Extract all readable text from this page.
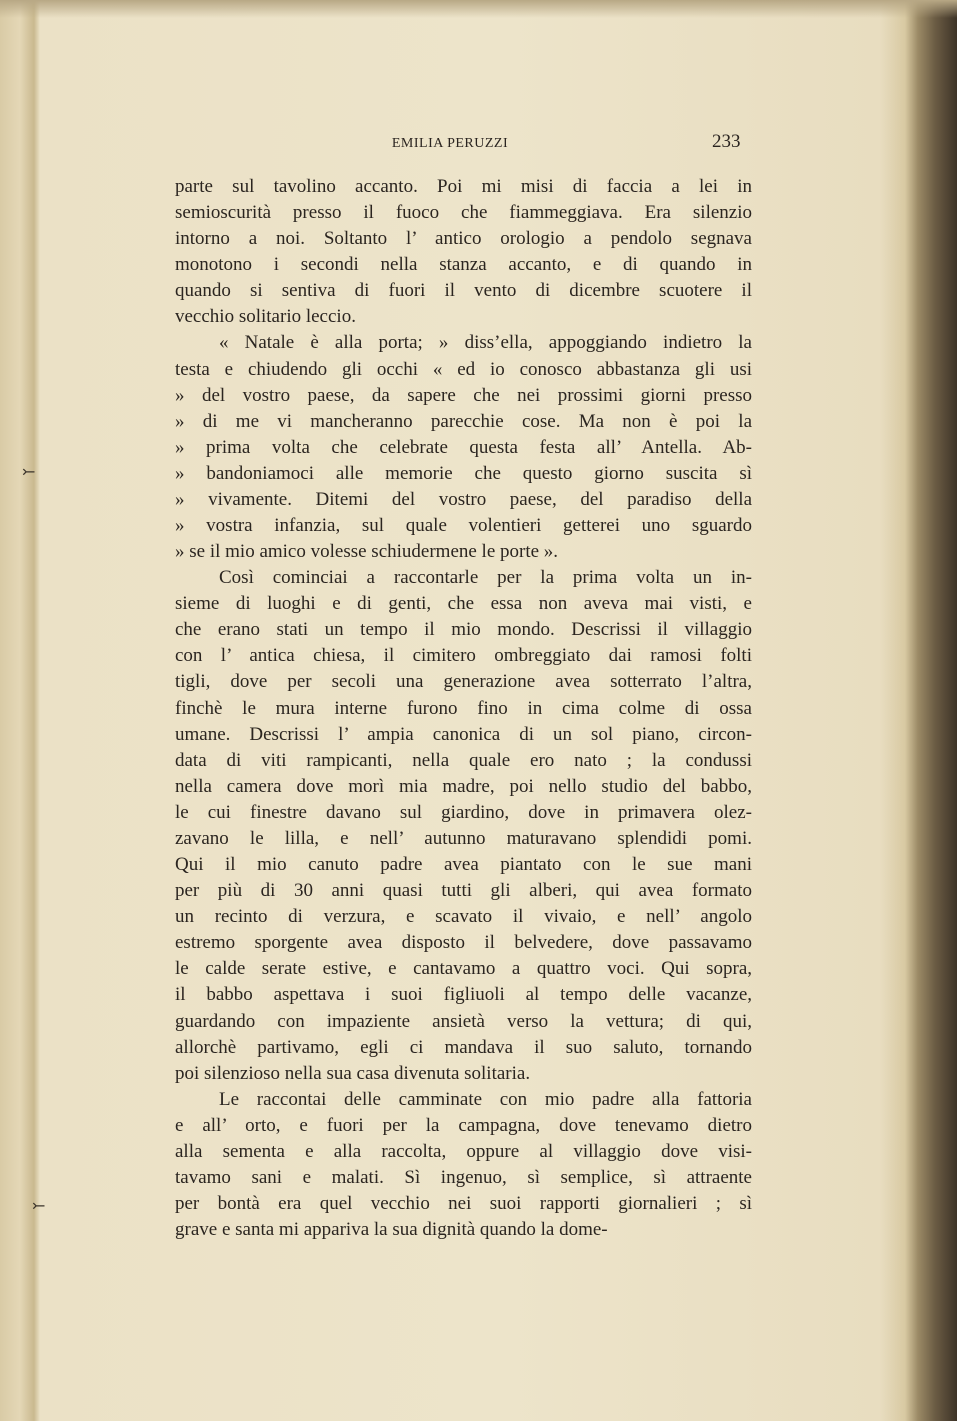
EMILIA PERUZZI	233
⤚
⤚
parte sul tavolino accanto. Poi mi misi di faccia a lei in
semioscurità presso il fuoco che fiammeggiava. Era silenzio
intorno a noi. Soltanto l’ antico orologio a pendolo segnava
monotono i secondi nella stanza accanto, e di quando in
quando si sentiva di fuori il vento di dicembre scuotere il
vecchio solitario leccio.
« Natale è alla porta; » diss’ella, appoggiando indietro la
testa e chiudendo gli occhi « ed io conosco abbastanza gli usi
» del vostro paese, da sapere che nei prossimi giorni presso
» di me vi mancheranno parecchie cose. Ma non è poi la
» prima volta che celebrate questa festa all’ Antella. Ab-
» bandoniamoci alle memorie che questo giorno suscita sì
» vivamente. Ditemi del vostro paese, del paradiso della
» vostra infanzia, sul quale volentieri getterei uno sguardo
» se il mio amico volesse schiudermene le porte ».
Così cominciai a raccontarle per la prima volta un in-
sieme di luoghi e di genti, che essa non aveva mai visti, e
che erano stati un tempo il mio mondo. Descrissi il villaggio
con l’ antica chiesa, il cimitero ombreggiato dai ramosi folti
tigli, dove per secoli una generazione avea sotterrato l’altra,
finchè le mura interne furono fino in cima colme di ossa
umane. Descrissi l’ ampia canonica di un sol piano, circon-
data di viti rampicanti, nella quale ero nato ; la condussi
nella camera dove morì mia madre, poi nello studio del babbo,
le cui finestre davano sul giardino, dove in primavera olez-
zavano le lilla, e nell’ autunno maturavano splendidi pomi.
Qui il mio canuto padre avea piantato con le sue mani
per più di 30 anni quasi tutti gli alberi, qui avea formato
un recinto di verzura, e scavato il vivaio, e nell’ angolo
estremo sporgente avea disposto il belvedere, dove passavamo
le calde serate estive, e cantavamo a quattro voci. Qui sopra,
il babbo aspettava i suoi figliuoli al tempo delle vacanze,
guardando con impaziente ansietà verso la vettura; di qui,
allorchè partivamo, egli ci mandava il suo saluto, tornando
poi silenzioso nella sua casa divenuta solitaria.
Le raccontai delle camminate con mio padre alla fattoria
e all’ orto, e fuori per la campagna, dove tenevamo dietro
alla sementa e alla raccolta, oppure al villaggio dove visi-
tavamo sani e malati. Sì ingenuo, sì semplice, sì attraente
per bontà era quel vecchio nei suoi rapporti giornalieri ; sì
grave e santa mi appariva la sua dignità quando la dome-
